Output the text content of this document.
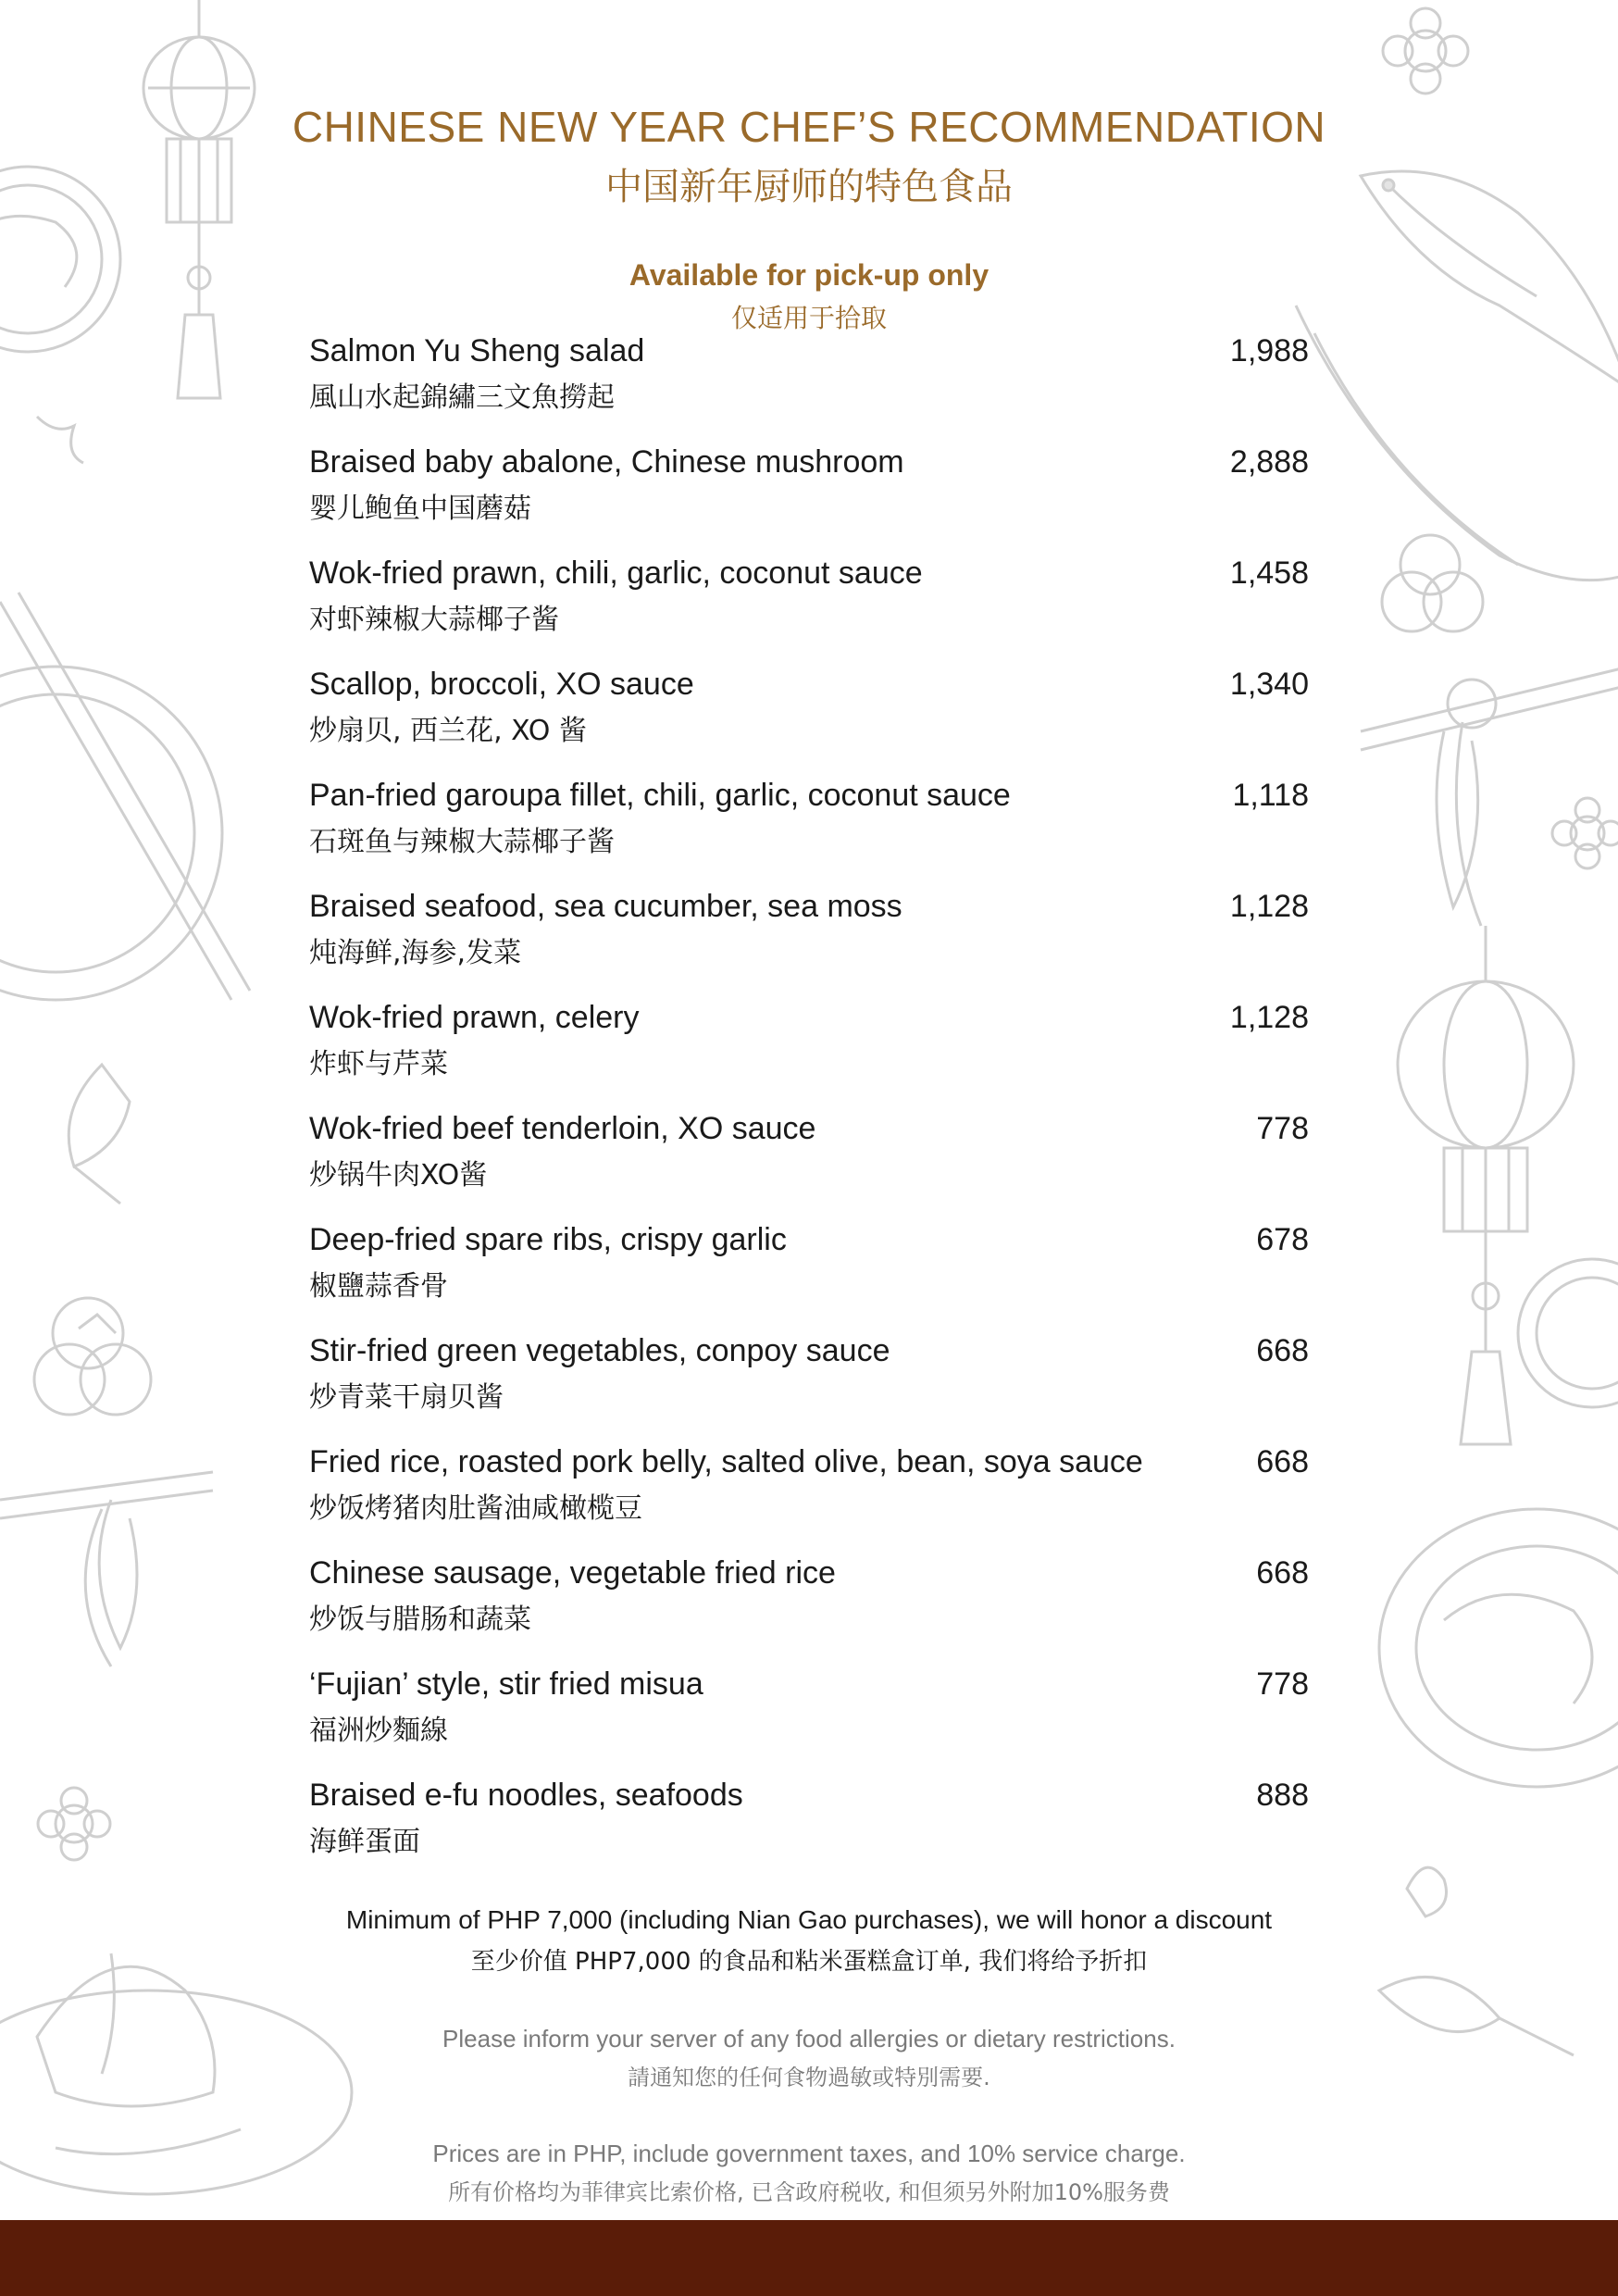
CHINESE NEW YEAR CHEF’S RECOMMENDATION
中国新年厨师的特色食品
Available for pick-up only
仅适用于拾取
Salmon Yu Sheng salad
風山水起錦繡三文魚撈起
1,988
Braised baby abalone, Chinese mushroom
婴儿鲍鱼中国蘑菇
2,888
Wok-fried prawn, chili, garlic, coconut sauce
对虾辣椒大蒜椰子酱
1,458
Scallop, broccoli, XO sauce
炒扇贝, 西兰花, XO 酱
1,340
Pan-fried garoupa fillet, chili, garlic, coconut sauce
石斑鱼与辣椒大蒜椰子酱
1,118
Braised seafood, sea cucumber, sea moss
炖海鲜,海参,发菜
1,128
Wok-fried prawn, celery
炸虾与芹菜
1,128
Wok-fried beef tenderloin, XO sauce
炒锅牛肉XO酱
778
Deep-fried spare ribs, crispy garlic
椒鹽蒜香骨
678
Stir-fried green vegetables, conpoy sauce
炒青菜干扇贝酱
668
Fried rice, roasted pork belly, salted olive, bean, soya sauce
炒饭烤猪肉肚酱油咸橄榄豆
668
Chinese sausage, vegetable fried rice
炒饭与腊肠和蔬菜
668
‘Fujian’ style, stir fried misua
福洲炒麵線
778
Braised e-fu noodles, seafoods
海鲜蛋面
888
Minimum of PHP 7,000 (including Nian Gao purchases), we will honor a discount
至少价值 PHP7,000 的食品和粘米蛋糕盒订单, 我们将给予折扣
Please inform your server of any food allergies or dietary restrictions.
請通知您的任何食物過敏或特別需要.
Prices are in PHP, include government taxes, and 10% service charge.
所有价格均为菲律宾比索价格, 已含政府税收, 和但须另外附加10%服务费
